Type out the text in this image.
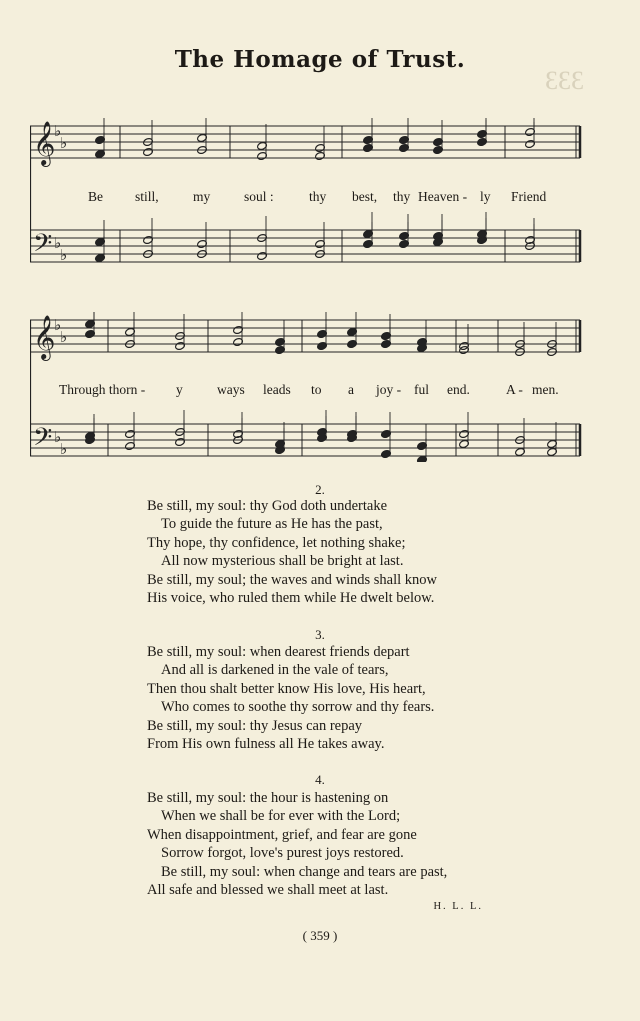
The Homage of Trust.
ƐƐƐ

𝄞
𝄢
♭
♭
♭
♭
Be still,	my soul :	thy best, thy Heaven - ly Friend
𝄞
𝄢
♭
♭
♭
♭
Through thorn - y	ways leads to a joy - ful end.	A - men.
2.
Be still, my soul: thy God doth undertake
To guide the future as He has the past,
Thy hope, thy confidence, let nothing shake;
All now mysterious shall be bright at last.
Be still, my soul; the waves and winds shall know
His voice, who ruled them while He dwelt below.
3.
Be still, my soul: when dearest friends depart
And all is darkened in the vale of tears,
Then thou shalt better know His love, His heart,
Who comes to soothe thy sorrow and thy fears.
Be still, my soul: thy Jesus can repay
From His own fulness all He takes away.
4.
Be still, my soul: the hour is hastening on
When we shall be for ever with the Lord;
When disappointment, grief, and fear are gone
Sorrow forgot, love's purest joys restored.
Be still, my soul: when change and tears are past,
All safe and blessed we shall meet at last.
H. L. L.
( 359 )
